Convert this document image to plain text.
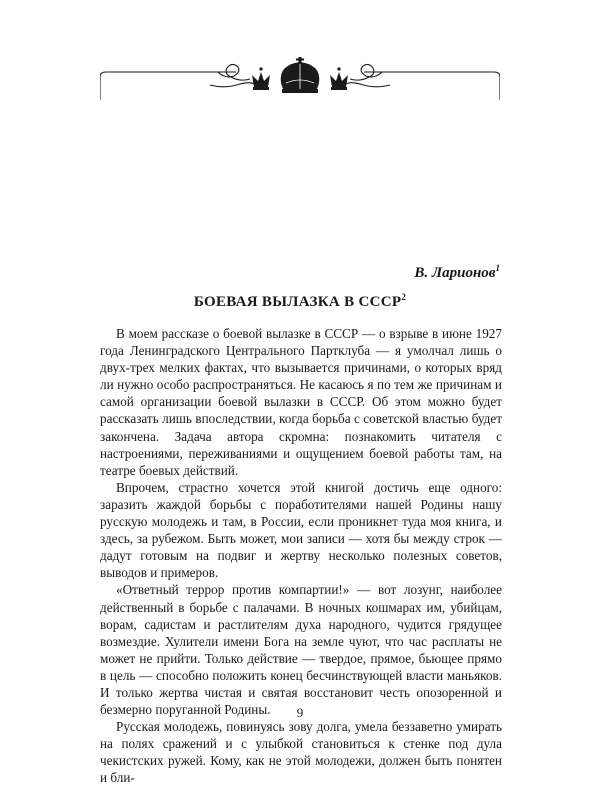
В. Ларионов$^1$
БОЕВАЯ ВЫЛАЗКА В СССР$^2$

В моем рассказе о боевой вылазке в СССР — о взрыве в июне 1927 года Ленинградского Центрального Партклуба — я умолчал лишь о двух-трех мелких фактах, что вызывается причинами, о которых вряд ли нужно особо распространяться. Не касаюсь я по тем же причинам и самой организации боевой вылазки в СССР. Об этом можно будет рассказать лишь впоследствии, когда борьба с советской властью будет закончена. Задача автора скромна: познакомить читателя с настроениями, переживаниями и ощущением боевой работы там, на театре боевых действий.

Впрочем, страстно хочется этой книгой достичь еще одного: заразить жаждой борьбы с поработителями нашей Родины нашу русскую молодежь и там, в России, если проникнет туда моя книга, и здесь, за рубежом. Быть может, мои записи — хотя бы между строк — дадут готовым на подвиг и жертву несколько полезных советов, выводов и примеров.

«Ответный террор против компартии!» — вот лозунг, наиболее действенный в борьбе с палачами. В ночных кошмарах им, убийцам, ворам, садистам и растлителям духа народного, чудится грядущее возмездие. Хулители имени Бога на земле чуют, что час расплаты не может не прийти. Только действие — твердое, прямое, бьющее прямо в цель — способно положить конец бесчинствующей власти маньяков. И только жертва чистая и святая восстановит честь опозоренной и безмерно поруганной Родины.

Русская молодежь, повинуясь зову долга, умела беззаветно умирать на полях сражений и с улыбкой становиться к стенке под дула чекистских ружей. Кому, как не этой молодежи, должен быть понятен и бли-

9
